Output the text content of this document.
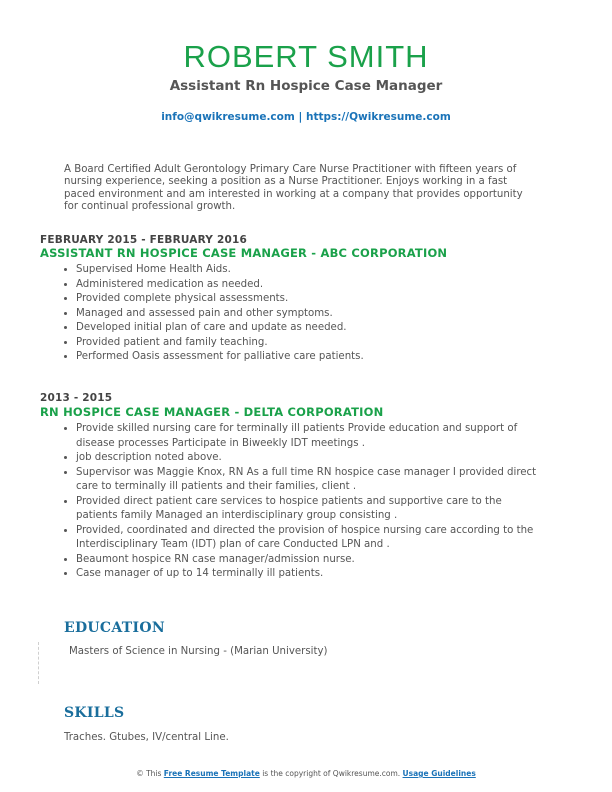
ROBERT SMITH
Assistant Rn Hospice Case Manager
info@qwikresume.com | https://Qwikresume.com
A Board Certified Adult Gerontology Primary Care Nurse Practitioner with fifteen years of nursing experience, seeking a position as a Nurse Practitioner. Enjoys working in a fast paced environment and am interested in working at a company that provides opportunity for continual professional growth.
FEBRUARY 2015 - FEBRUARY 2016
ASSISTANT RN HOSPICE CASE MANAGER - ABC CORPORATION
• Supervised Home Health Aids.
• Administered medication as needed.
• Provided complete physical assessments.
• Managed and assessed pain and other symptoms.
• Developed initial plan of care and update as needed.
• Provided patient and family teaching.
• Performed Oasis assessment for palliative care patients.
2013 - 2015
RN HOSPICE CASE MANAGER - DELTA CORPORATION
• Provide skilled nursing care for terminally ill patients Provide education and support of disease processes Participate in Biweekly IDT meetings .
• job description noted above.
• Supervisor was Maggie Knox, RN As a full time RN hospice case manager I provided direct care to terminally ill patients and their families, client .
• Provided direct patient care services to hospice patients and supportive care to the patients family Managed an interdisciplinary group consisting .
• Provided, coordinated and directed the provision of hospice nursing care according to the Interdisciplinary Team (IDT) plan of care Conducted LPN and .
• Beaumont hospice RN case manager/admission nurse.
• Case manager of up to 14 terminally ill patients.
EDUCATION
Masters of Science in Nursing - (Marian University)
SKILLS
Traches. Gtubes, IV/central Line.
© This Free Resume Template is the copyright of Qwikresume.com. Usage Guidelines
